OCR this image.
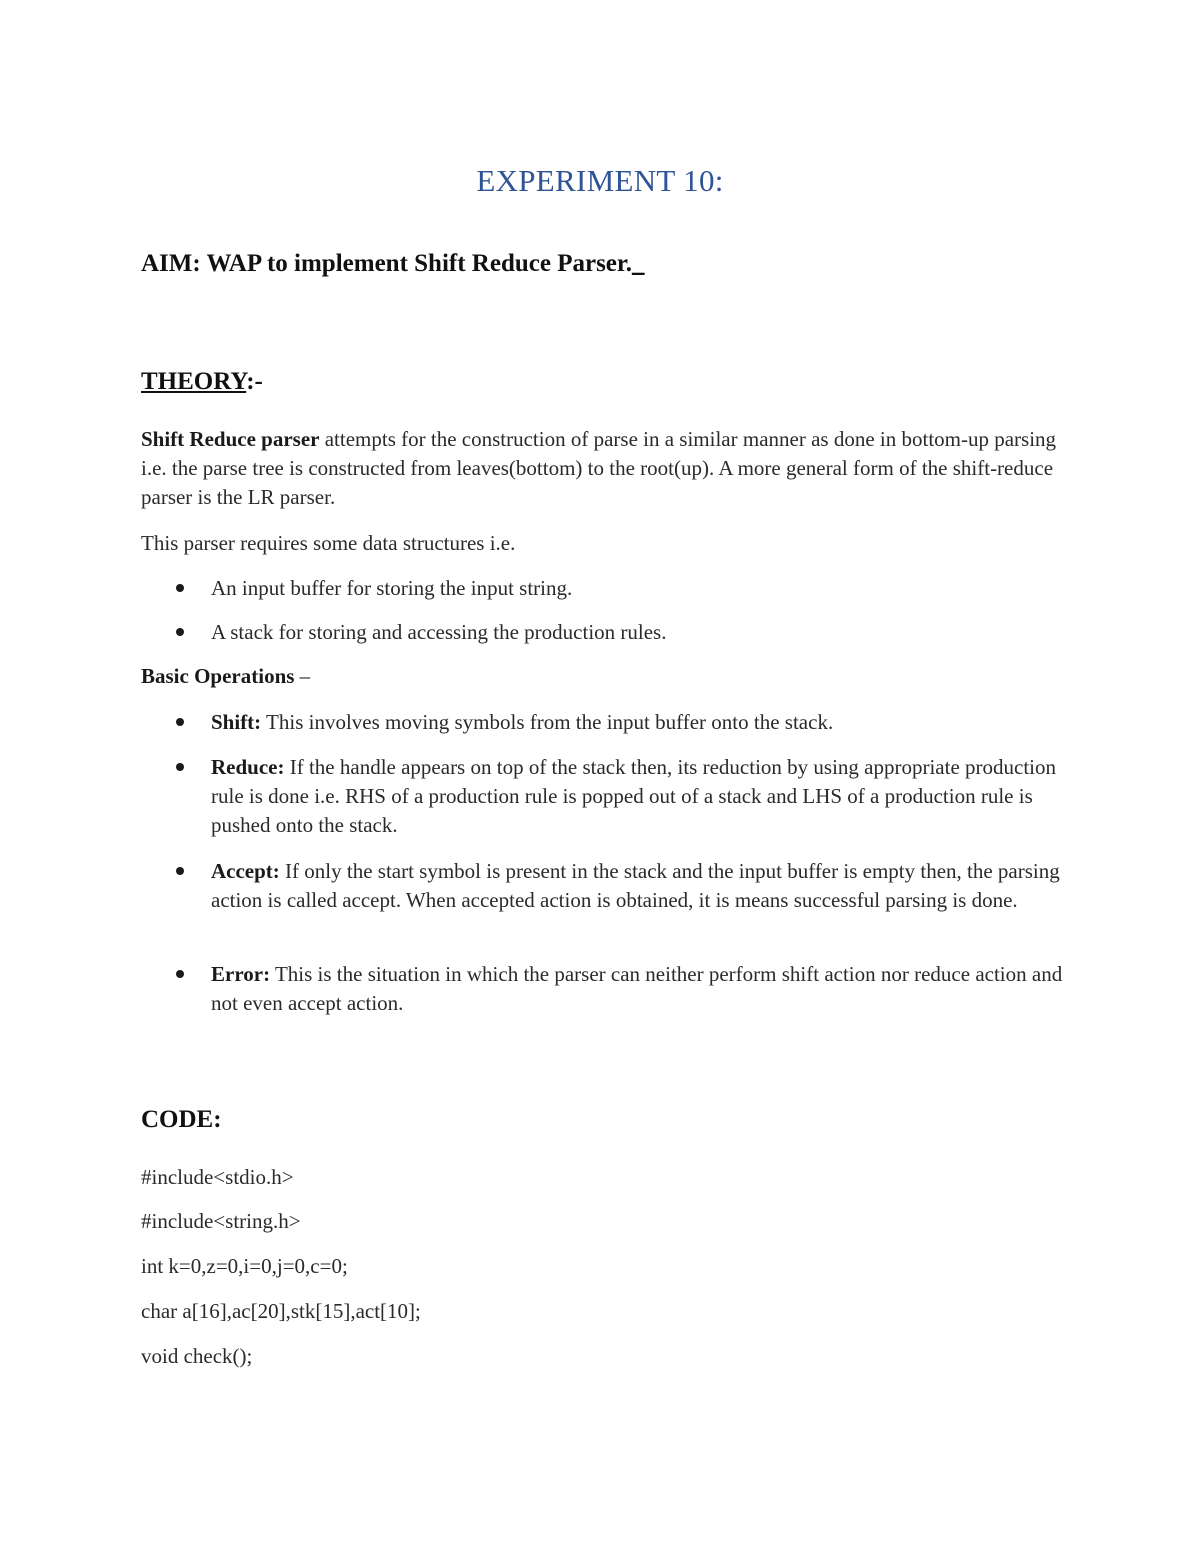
EXPERIMENT 10:
AIM: WAP to implement Shift Reduce Parser._
THEORY:-
Shift Reduce parser attempts for the construction of parse in a similar manner as done in bottom-up parsing i.e. the parse tree is constructed from leaves(bottom) to the root(up). A more general form of the shift-reduce parser is the LR parser.
This parser requires some data structures i.e.
An input buffer for storing the input string.
A stack for storing and accessing the production rules.
Basic Operations –
Shift: This involves moving symbols from the input buffer onto the stack.
Reduce: If the handle appears on top of the stack then, its reduction by using appropriate production rule is done i.e. RHS of a production rule is popped out of a stack and LHS of a production rule is pushed onto the stack.
Accept: If only the start symbol is present in the stack and the input buffer is empty then, the parsing action is called accept. When accepted action is obtained, it is means successful parsing is done.
Error: This is the situation in which the parser can neither perform shift action nor reduce action and not even accept action.
CODE:
#include<stdio.h>
#include<string.h>
int k=0,z=0,i=0,j=0,c=0;
char a[16],ac[20],stk[15],act[10];
void check();
